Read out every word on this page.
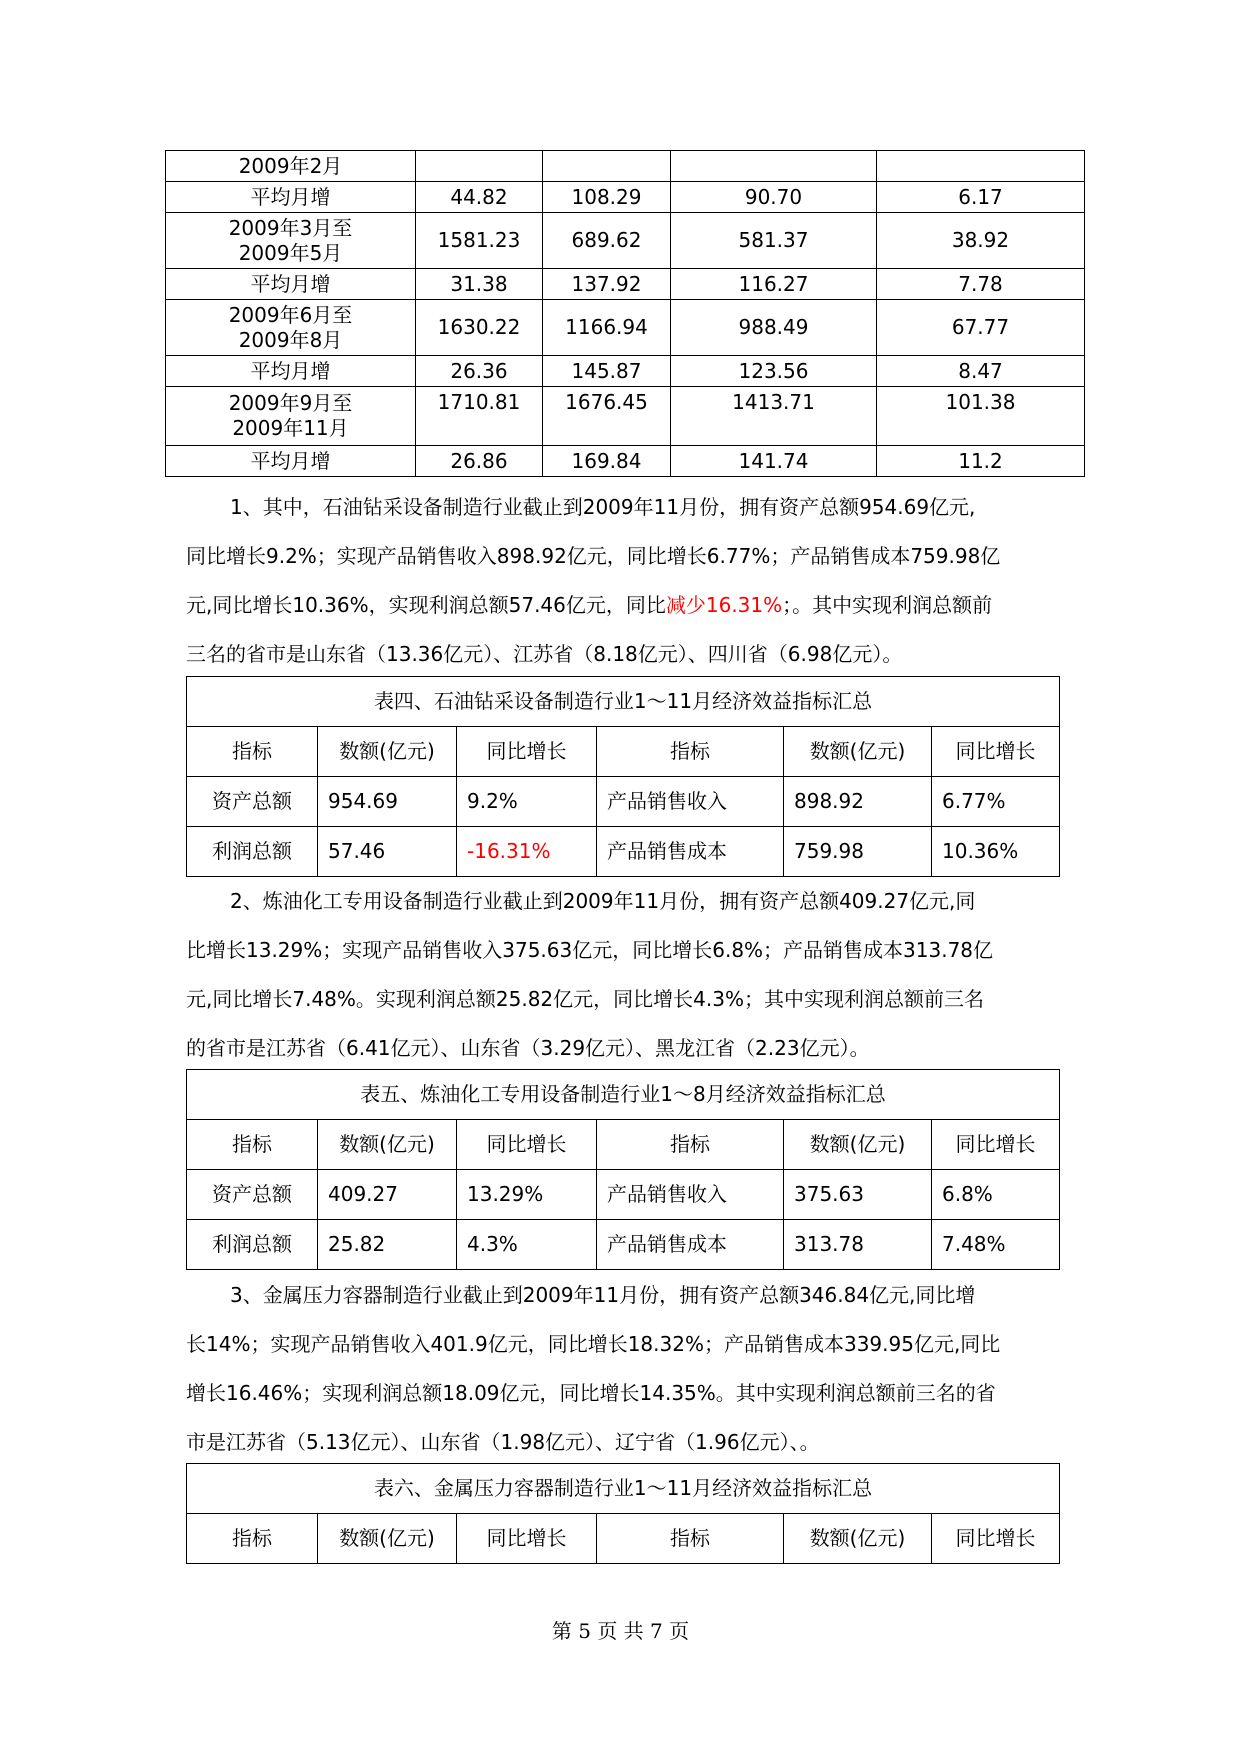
2009年2月				

平均月增	44.82	108.29	90.70	6.17

2009年3月至
2009年5月	1581.23	689.62	581.37	38.92

平均月增	31.38	137.92	116.27	7.78

2009年6月至
2009年8月	1630.22	1166.94	988.49	67.77

平均月增	26.36	145.87	123.56	8.47

2009年9月至
2009年11月	1710.81	1676.45	1413.71	101.38

平均月增	26.86	169.84	141.74	11.2
1、其中，石油钻采设备制造行业截止到2009年11月份，拥有资产总额954.69亿元,
同比增长9.2%；实现产品销售收入898.92亿元，同比增长6.77%；产品销售成本759.98亿
元,同比增长10.36%，实现利润总额57.46亿元，同比减少16.31%；。其中实现利润总额前
三名的省市是山东省（13.36亿元）、江苏省（8.18亿元）、四川省（6.98亿元）。
表四、石油钻采设备制造行业1～11月经济效益指标汇总					
指标	数额(亿元)	同比增长	指标	数额(亿元)	同比增长
资产总额	954.69	9.2%	产品销售收入	898.92	6.77%
利润总额	57.46	-16.31%	产品销售成本	759.98	10.36%
2、炼油化工专用设备制造行业截止到2009年11月份，拥有资产总额409.27亿元,同
比增长13.29%；实现产品销售收入375.63亿元，同比增长6.8%；产品销售成本313.78亿
元,同比增长7.48%。实现利润总额25.82亿元，同比增长4.3%；其中实现利润总额前三名
的省市是江苏省（6.41亿元）、山东省（3.29亿元）、黑龙江省（2.23亿元）。
表五、炼油化工专用设备制造行业1～8月经济效益指标汇总					
指标	数额(亿元)	同比增长	指标	数额(亿元)	同比增长
资产总额	409.27	13.29%	产品销售收入	375.63	6.8%
利润总额	25.82	4.3%	产品销售成本	313.78	7.48%
3、金属压力容器制造行业截止到2009年11月份，拥有资产总额346.84亿元,同比增
长14%；实现产品销售收入401.9亿元，同比增长18.32%；产品销售成本339.95亿元,同比
增长16.46%；实现利润总额18.09亿元，同比增长14.35%。其中实现利润总额前三名的省
市是江苏省（5.13亿元）、山东省（1.98亿元）、辽宁省（1.96亿元）、。
表六、金属压力容器制造行业1～11月经济效益指标汇总
指标	数额(亿元)	同比增长	指标	数额(亿元)	同比增长
第 5 页 共 7 页
